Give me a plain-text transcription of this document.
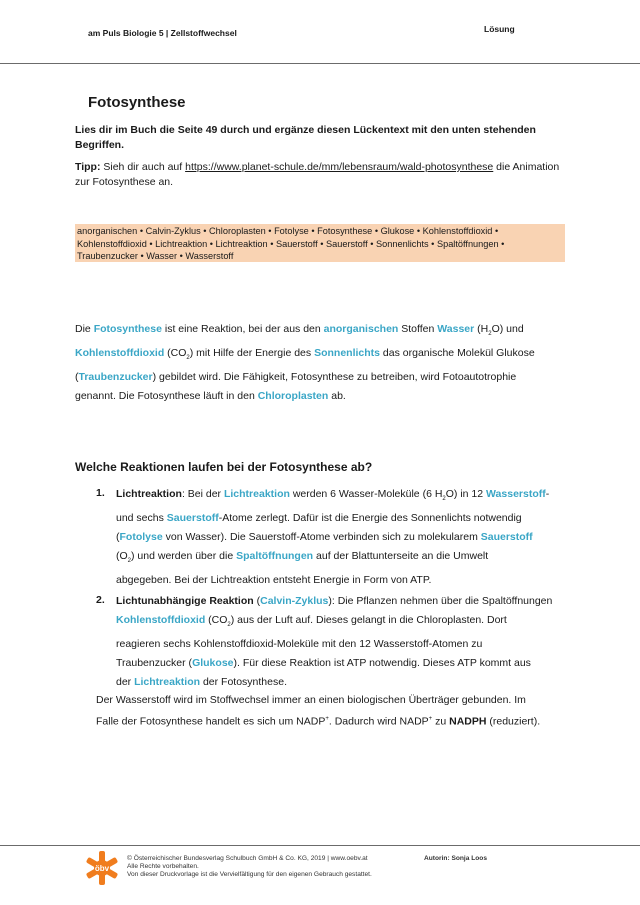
am Puls Biologie 5 | Zellstoffwechsel	Lösung
Fotosynthese
Lies dir im Buch die Seite 49 durch und ergänze diesen Lückentext mit den unten stehenden Begriffen.
Tipp: Sieh dir auch auf https://www.planet-schule.de/mm/lebensraum/wald-photosynthese die Animation zur Fotosynthese an.
anorganischen • Calvin-Zyklus • Chloroplasten • Fotolyse • Fotosynthese • Glukose • Kohlenstoffdioxid • Kohlenstoffdioxid • Lichtreaktion • Lichtreaktion • Sauerstoff • Sauerstoff • Sonnenlichts • Spaltöffnungen • Traubenzucker • Wasser • Wasserstoff
Die Fotosynthese ist eine Reaktion, bei der aus den anorganischen Stoffen Wasser $(H_2O)$ und
Kohlenstoffdioxid $(CO_2)$ mit Hilfe der Energie des Sonnenlichts das organische Molekül Glukose
(Traubenzucker) gebildet wird. Die Fähigkeit, Fotosynthese zu betreiben, wird Fotoautotrophie
genannt. Die Fotosynthese läuft in den Chloroplasten ab.
Welche Reaktionen laufen bei der Fotosynthese ab?
1. Lichtreaktion: Bei der Lichtreaktion werden 6 Wasser-Moleküle (6 $H_2O$) in 12 Wasserstoff-
und sechs Sauerstoff-Atome zerlegt. Dafür ist die Energie des Sonnenlichts notwendig
(Fotolyse von Wasser). Die Sauerstoff-Atome verbinden sich zu molekularem Sauerstoff
$(O_2)$ und werden über die Spaltöffnungen auf der Blattunterseite an die Umwelt
abgegeben. Bei der Lichtreaktion entsteht Energie in Form von ATP.
2. Lichtunabhängige Reaktion (Calvin-Zyklus): Die Pflanzen nehmen über die Spaltöffnungen
Kohlenstoffdioxid $(CO_2)$ aus der Luft auf. Dieses gelangt in die Chloroplasten. Dort
reagieren sechs Kohlenstoffdioxid-Moleküle mit den 12 Wasserstoff-Atomen zu
Traubenzucker (Glukose). Für diese Reaktion ist ATP notwendig. Dieses ATP kommt aus
der Lichtreaktion der Fotosynthese.
Der Wasserstoff wird im Stoffwechsel immer an einen biologischen Überträger gebunden. Im
Falle der Fotosynthese handelt es sich um NADP+. Dadurch wird NADP+ zu NADPH (reduziert).
öbv
© Österreichischer Bundesverlag Schulbuch GmbH & Co. KG, 2019 | www.oebv.at
Alle Rechte vorbehalten.
Von dieser Druckvorlage ist die Vervielfältigung für den eigenen Gebrauch gestattet.
Autorin: Sonja Loos
